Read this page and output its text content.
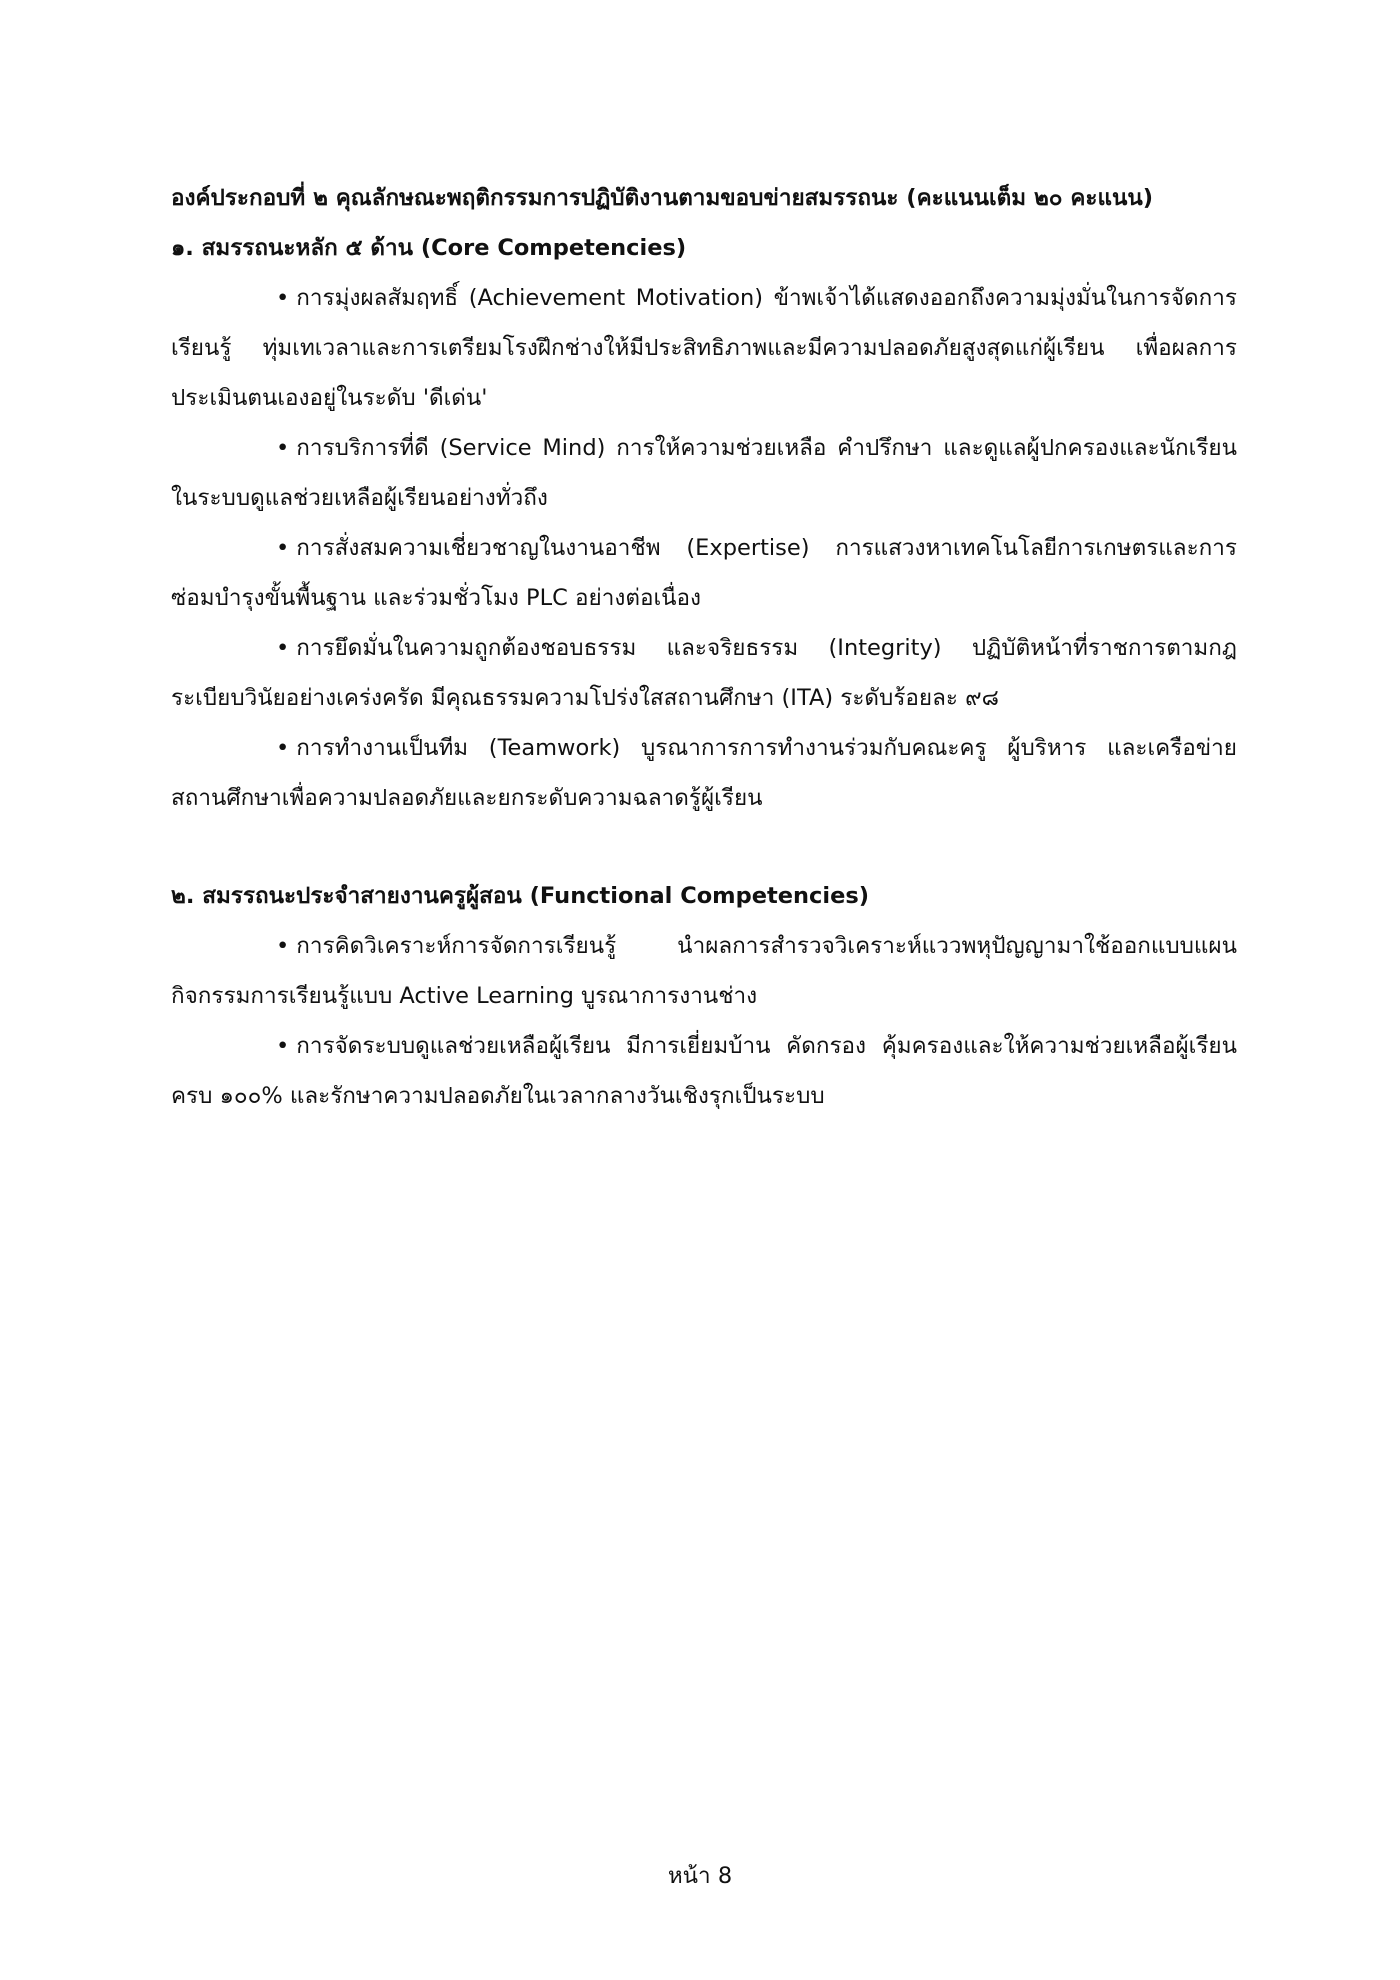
องค์ประกอบที่ ๒ คุณลักษณะพฤติกรรมการปฏิบัติงานตามขอบข่ายสมรรถนะ (คะแนนเต็ม ๒๐ คะแนน)
๑. สมรรถนะหลัก ๕ ด้าน (Core Competencies)

• การมุ่งผลสัมฤทธิ์ (Achievement Motivation) ข้าพเจ้าได้แสดงออกถึงความมุ่งมั่นในการจัดการเรียนรู้ ทุ่มเทเวลาและการเตรียมโรงฝึกช่างให้มีประสิทธิภาพและมีความปลอดภัยสูงสุดแก่ผู้เรียน เพื่อผลการประเมินตนเองอยู่ในระดับ 'ดีเด่น'

• การบริการที่ดี (Service Mind) การให้ความช่วยเหลือ คำปรึกษา และดูแลผู้ปกครองและนักเรียนในระบบดูแลช่วยเหลือผู้เรียนอย่างทั่วถึง

• การสั่งสมความเชี่ยวชาญในงานอาชีพ (Expertise) การแสวงหาเทคโนโลยีการเกษตรและการซ่อมบำรุงขั้นพื้นฐาน และร่วมชั่วโมง PLC อย่างต่อเนื่อง

• การยึดมั่นในความถูกต้องชอบธรรม และจริยธรรม (Integrity) ปฏิบัติหน้าที่ราชการตามกฎระเบียบวินัยอย่างเคร่งครัด มีคุณธรรมความโปร่งใสสถานศึกษา (ITA) ระดับร้อยละ ๙๘

• การทำงานเป็นทีม (Teamwork) บูรณาการการทำงานร่วมกับคณะครู ผู้บริหาร และเครือข่ายสถานศึกษาเพื่อความปลอดภัยและยกระดับความฉลาดรู้ผู้เรียน

๒. สมรรถนะประจำสายงานครูผู้สอน (Functional Competencies)

• การคิดวิเคราะห์การจัดการเรียนรู้ นำผลการสำรวจวิเคราะห์แววพหุปัญญามาใช้ออกแบบแผนกิจกรรมการเรียนรู้แบบ Active Learning บูรณาการงานช่าง

• การจัดระบบดูแลช่วยเหลือผู้เรียน มีการเยี่ยมบ้าน คัดกรอง คุ้มครองและให้ความช่วยเหลือผู้เรียนครบ ๑๐๐% และรักษาความปลอดภัยในเวลากลางวันเชิงรุกเป็นระบบ

หน้า 8
